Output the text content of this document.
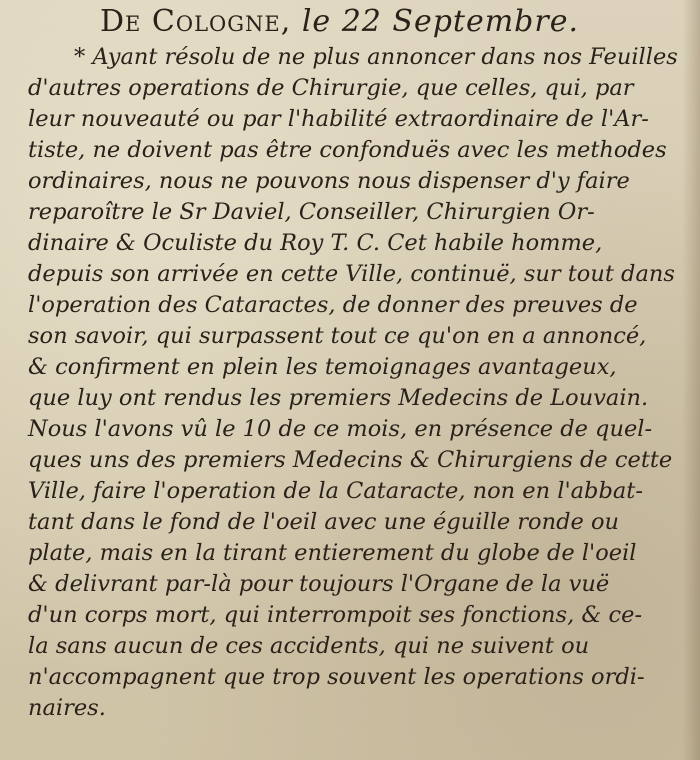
De Cologne, le 22 Septembre.
* Ayant résolu de ne plus annoncer dans nos Feuilles
d'autres operations de Chirurgie, que celles, qui, par
leur nouveauté ou par l'habilité extraordinaire de l'Ar-
tiste, ne doivent pas être confonduës avec les methodes
ordinaires, nous ne pouvons nous dispenser d'y faire
reparoître le Sr Daviel, Conseiller, Chirurgien Or-
dinaire & Oculiste du Roy T. C. Cet habile homme,
depuis son arrivée en cette Ville, continuë, sur tout dans
l'operation des Cataractes, de donner des preuves de
son savoir, qui surpassent tout ce qu'on en a annoncé,
& confirment en plein les temoignages avantageux,
que luy ont rendus les premiers Medecins de Louvain.
Nous l'avons vû le 10 de ce mois, en présence de quel-
ques uns des premiers Medecins & Chirurgiens de cette
Ville, faire l'operation de la Cataracte, non en l'abbat-
tant dans le fond de l'oeil avec une éguille ronde ou
plate, mais en la tirant entierement du globe de l'oeil
& delivrant par-là pour toujours l'Organe de la vuë
d'un corps mort, qui interrompoit ses fonctions, & ce-
la sans aucun de ces accidents, qui ne suivent ou
n'accompagnent que trop souvent les operations ordi-
naires.
